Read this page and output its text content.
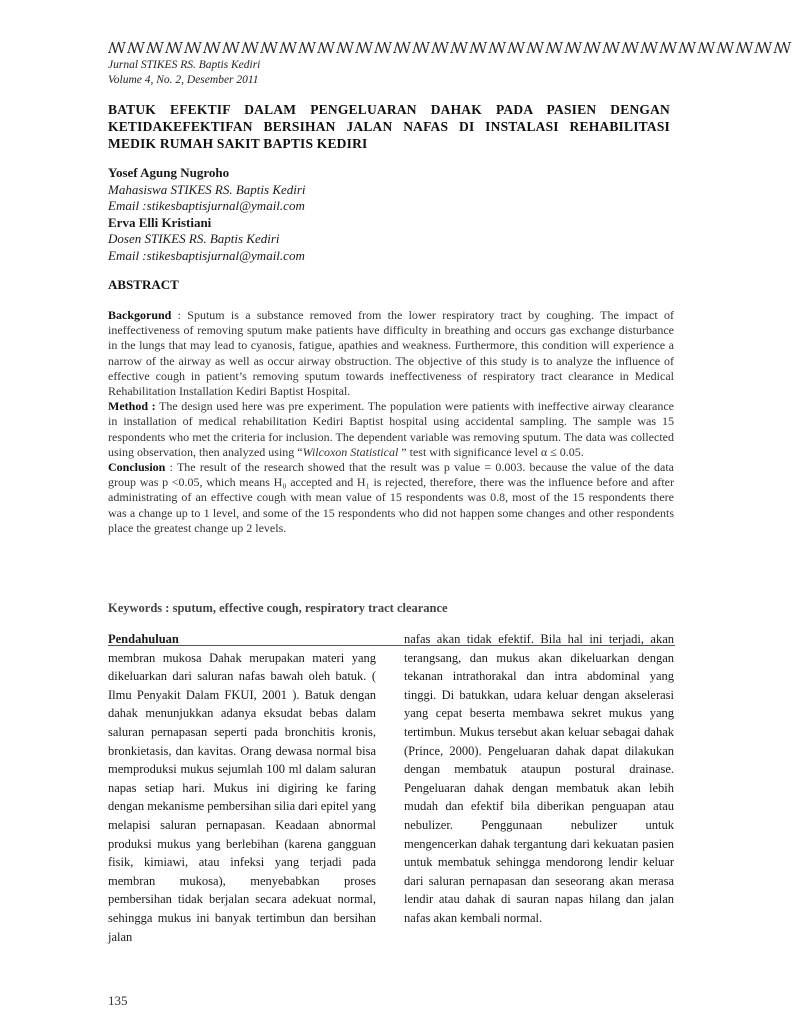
ꟿꟿꟿꟿꟿꟿꟿꟿꟿꟿꟿꟿꟿꟿꟿꟿꟿꟿꟿꟿꟿꟿꟿꟿꟿꟿꟿꟿꟿꟿꟿꟿꟿꟿꟿꟿ
Jurnal STIKES RS. Baptis Kediri
Volume 4, No. 2, Desember 2011
BATUK EFEKTIF DALAM PENGELUARAN DAHAK PADA PASIEN DENGAN KETIDAKEFEKTIFAN BERSIHAN JALAN NAFAS DI INSTALASI REHABILITASI MEDIK RUMAH SAKIT BAPTIS KEDIRI
Yosef Agung Nugroho
Mahasiswa STIKES RS. Baptis Kediri
Email :stikesbaptisjurnal@ymail.com
Erva Elli Kristiani
Dosen STIKES RS. Baptis Kediri
Email :stikesbaptisjurnal@ymail.com
ABSTRACT

Backgorund : Sputum is a substance removed from the lower respiratory tract by coughing. The impact of ineffectiveness of removing sputum make patients have difficulty in breathing and occurs gas exchange disturbance in the lungs that may lead to cyanosis, fatigue, apathies and weakness. Furthermore, this condition will experience a narrow of the airway as well as occur airway obstruction. The objective of this study is to analyze the influence of effective cough in patient’s removing sputum towards ineffectiveness of respiratory tract clearance in Medical Rehabilitation Installation Kediri Baptist Hospital.

Method : The design used here was pre experiment. The population were patients with ineffective airway clearance in installation of medical rehabilitation Kediri Baptist hospital using accidental sampling. The sample was 15 respondents who met the criteria for inclusion. The dependent variable was removing sputum. The data was collected using observation, then analyzed using “Wilcoxon Statistical ” test with significance level α ≤ 0.05.

Conclusion : The result of the research showed that the result was p value = 0.003. because the value of the data group was p <0.05, which means H₀ accepted and H₁ is rejected, therefore, there was the influence before and after administrating of an effective cough with mean value of 15 respondents was 0.8, most of the 15 respondents there was a change up to 1 level, and some of the 15 respondents who did not happen some changes and other respondents place the greatest change up 2 levels.

Keywords : sputum, effective cough, respiratory tract clearance
Pendahuluan

membran mukosa Dahak merupakan materi yang dikeluarkan dari saluran nafas bawah oleh batuk. ( Ilmu Penyakit Dalam FKUI, 2001 ). Batuk dengan dahak menunjukkan adanya eksudat bebas dalam saluran pernapasan seperti pada bronchitis kronis, bronkietasis, dan kavitas. Orang dewasa normal bisa memproduksi mukus sejumlah 100 ml dalam saluran napas setiap hari. Mukus ini digiring ke faring dengan mekanisme pembersihan silia dari epitel yang melapisi saluran pernapasan. Keadaan abnormal produksi mukus yang berlebihan (karena gangguan fisik, kimiawi, atau infeksi yang terjadi pada membran mukosa), menyebabkan proses pembersihan tidak berjalan secara adekuat normal, sehingga mukus ini banyak tertimbun dan bersihan jalan

nafas akan tidak efektif. Bila hal ini terjadi, akan terangsang, dan mukus akan dikeluarkan dengan tekanan intrathorakal dan intra abdominal yang tinggi. Di batukkan, udara keluar dengan akselerasi yang cepat beserta membawa sekret mukus yang tertimbun. Mukus tersebut akan keluar sebagai dahak (Prince, 2000). Pengeluaran dahak dapat dilakukan dengan membatuk ataupun postural drainase. Pengeluaran dahak dengan membatuk akan lebih mudah dan efektif bila diberikan penguapan atau nebulizer. Penggunaan nebulizer untuk mengencerkan dahak tergantung dari kekuatan pasien untuk membatuk sehingga mendorong lendir keluar dari saluran pernapasan dan seseorang akan merasa lendir atau dahak di sauran napas hilang dan jalan nafas akan kembali normal.

135
